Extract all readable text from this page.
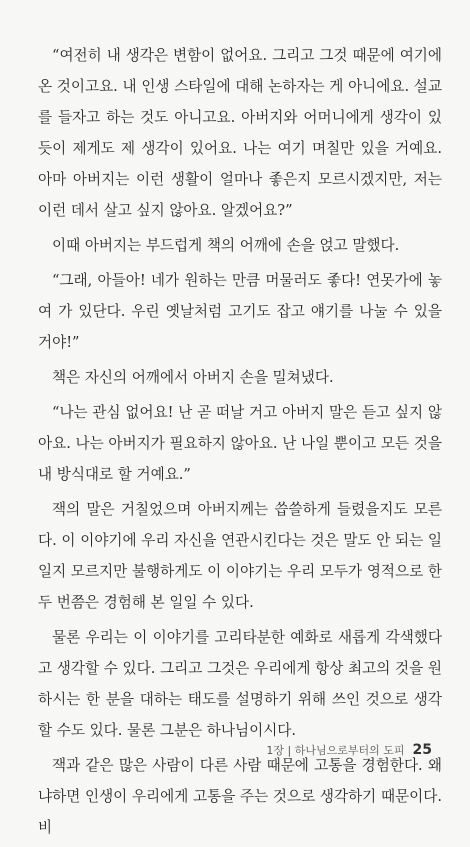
“여전히 내 생각은 변함이 없어요. 그리고 그것 때문에 여기에 온 것이고요. 내 인생 스타일에 대해 논하자는 게 아니에요. 설교를 들자고 하는 것도 아니고요. 아버지와 어머니에게 생각이 있듯이 제게도 제 생각이 있어요. 나는 여기 며칠만 있을 거예요. 아마 아버지는 이런 생활이 얼마나 좋은지 모르시겠지만, 저는 이런 데서 살고 싶지 않아요. 알겠어요?”

이때 아버지는 부드럽게 책의 어깨에 손을 얹고 말했다.

“그래, 아들아! 네가 원하는 만큼 머물러도 좋다! 연못가에 놓여 가 있단다. 우린 옛날처럼 고기도 잡고 얘기를 나눌 수 있을 거야!”

책은 자신의 어깨에서 아버지 손을 밀쳐냈다.

“나는 관심 없어요! 난 곧 떠날 거고 아버지 말은 듣고 싶지 않아요. 나는 아버지가 필요하지 않아요. 난 나일 뿐이고 모든 것을 내 방식대로 할 거예요.”

잭의 말은 거칠었으며 아버지께는 씁쓸하게 들렸을지도 모른다. 이 이야기에 우리 자신을 연관시킨다는 것은 말도 안 되는 일일지 모르지만 불행하게도 이 이야기는 우리 모두가 영적으로 한두 번쯤은 경험해 본 일일 수 있다.

물론 우리는 이 이야기를 고리타분한 예화로 새롭게 각색했다고 생각할 수 있다. 그리고 그것은 우리에게 항상 최고의 것을 원하시는 한 분을 대하는 태도를 설명하기 위해 쓰인 것으로 생각할 수도 있다. 물론 그분은 하나님이시다.

잭과 같은 많은 사람이 다른 사람 때문에 고통을 경험한다. 왜냐하면 인생이 우리에게 고통을 주는 것으로 생각하기 때문이다. 비

1장 | 하나님으로부터의 도피 25
